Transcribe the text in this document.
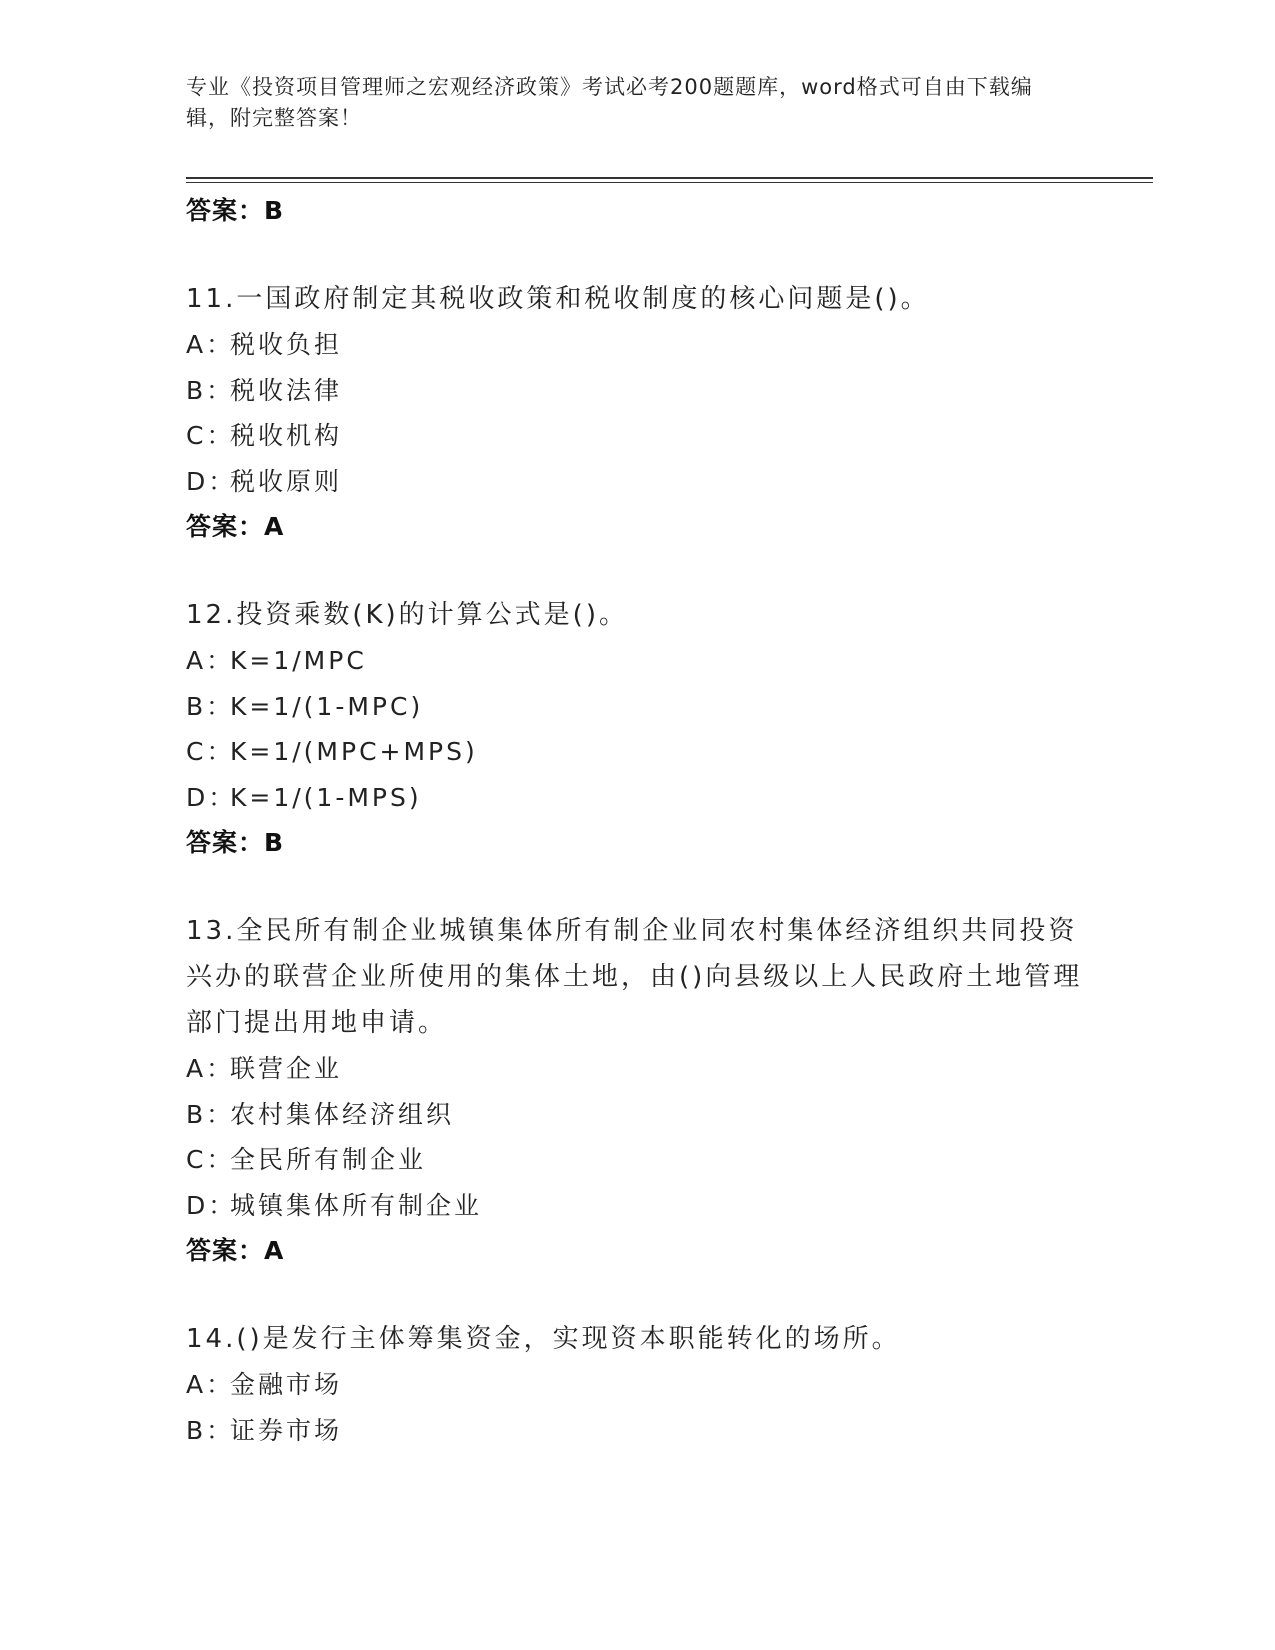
专业《投资项目管理师之宏观经济政策》考试必考200题题库，word格式可自由下载编辑，附完整答案！
答案：B
11.一国政府制定其税收政策和税收制度的核心问题是()。
A：税收负担
B：税收法律
C：税收机构
D：税收原则
答案：A
12.投资乘数(K)的计算公式是()。
A：K=1/MPC
B：K=1/(1-MPC)
C：K=1/(MPC+MPS)
D：K=1/(1-MPS)
答案：B
13.全民所有制企业城镇集体所有制企业同农村集体经济组织共同投资兴办的联营企业所使用的集体土地，由()向县级以上人民政府土地管理部门提出用地申请。
A：联营企业
B：农村集体经济组织
C：全民所有制企业
D：城镇集体所有制企业
答案：A
14.()是发行主体筹集资金，实现资本职能转化的场所。
A：金融市场
B：证券市场
